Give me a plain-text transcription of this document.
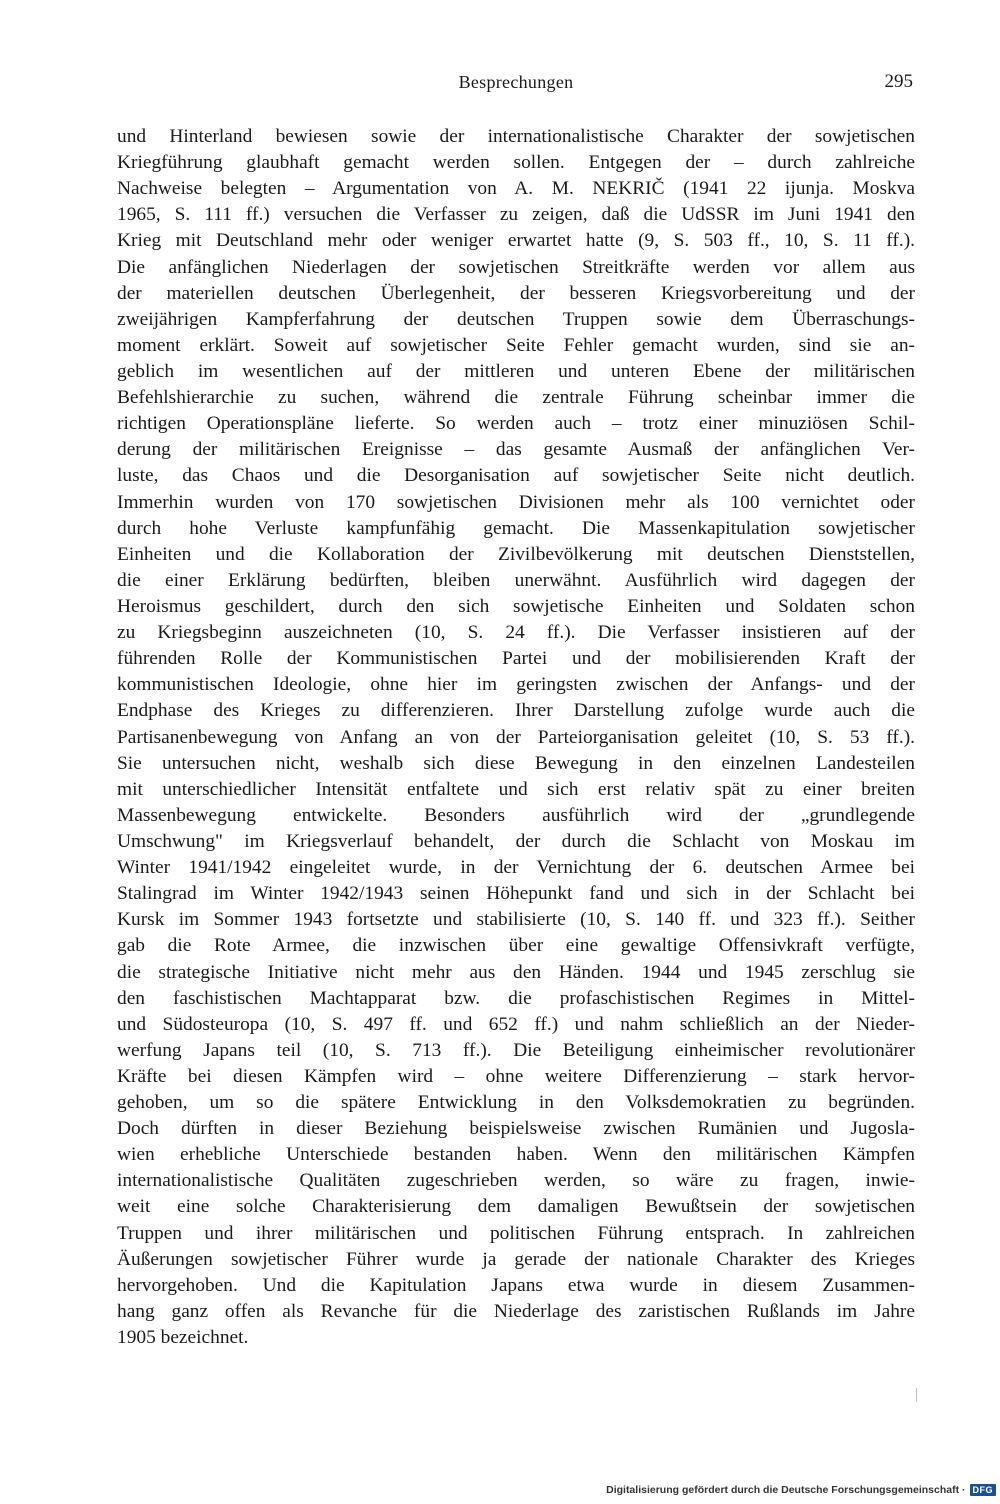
Besprechungen	295
und Hinterland bewiesen sowie der internationalistische Charakter der sowjetischen
Kriegführung glaubhaft gemacht werden sollen. Entgegen der – durch zahlreiche
Nachweise belegten – Argumentation von A. M. NEKRIČ (1941 22 ijunja. Moskva
1965, S. 111 ff.) versuchen die Verfasser zu zeigen, daß die UdSSR im Juni 1941 den
Krieg mit Deutschland mehr oder weniger erwartet hatte (9, S. 503 ff., 10, S. 11 ff.).
Die anfänglichen Niederlagen der sowjetischen Streitkräfte werden vor allem aus
der materiellen deutschen Überlegenheit, der besseren Kriegsvorbereitung und der
zweijährigen Kampferfahrung der deutschen Truppen sowie dem Überraschungs-
moment erklärt. Soweit auf sowjetischer Seite Fehler gemacht wurden, sind sie an-
geblich im wesentlichen auf der mittleren und unteren Ebene der militärischen
Befehlshierarchie zu suchen, während die zentrale Führung scheinbar immer die
richtigen Operationspläne lieferte. So werden auch – trotz einer minuziösen Schil-
derung der militärischen Ereignisse – das gesamte Ausmaß der anfänglichen Ver-
luste, das Chaos und die Desorganisation auf sowjetischer Seite nicht deutlich.
Immerhin wurden von 170 sowjetischen Divisionen mehr als 100 vernichtet oder
durch hohe Verluste kampfunfähig gemacht. Die Massenkapitulation sowjetischer
Einheiten und die Kollaboration der Zivilbevölkerung mit deutschen Dienststellen,
die einer Erklärung bedürften, bleiben unerwähnt. Ausführlich wird dagegen der
Heroismus geschildert, durch den sich sowjetische Einheiten und Soldaten schon
zu Kriegsbeginn auszeichneten (10, S. 24 ff.). Die Verfasser insistieren auf der
führenden Rolle der Kommunistischen Partei und der mobilisierenden Kraft der
kommunistischen Ideologie, ohne hier im geringsten zwischen der Anfangs- und der
Endphase des Krieges zu differenzieren. Ihrer Darstellung zufolge wurde auch die
Partisanenbewegung von Anfang an von der Parteiorganisation geleitet (10, S. 53 ff.).
Sie untersuchen nicht, weshalb sich diese Bewegung in den einzelnen Landesteilen
mit unterschiedlicher Intensität entfaltete und sich erst relativ spät zu einer breiten
Massenbewegung entwickelte. Besonders ausführlich wird der „grundlegende
Umschwung" im Kriegsverlauf behandelt, der durch die Schlacht von Moskau im
Winter 1941/1942 eingeleitet wurde, in der Vernichtung der 6. deutschen Armee bei
Stalingrad im Winter 1942/1943 seinen Höhepunkt fand und sich in der Schlacht bei
Kursk im Sommer 1943 fortsetzte und stabilisierte (10, S. 140 ff. und 323 ff.). Seither
gab die Rote Armee, die inzwischen über eine gewaltige Offensivkraft verfügte,
die strategische Initiative nicht mehr aus den Händen. 1944 und 1945 zerschlug sie
den faschistischen Machtapparat bzw. die profaschistischen Regimes in Mittel-
und Südosteuropa (10, S. 497 ff. und 652 ff.) und nahm schließlich an der Nieder-
werfung Japans teil (10, S. 713 ff.). Die Beteiligung einheimischer revolutionärer
Kräfte bei diesen Kämpfen wird – ohne weitere Differenzierung – stark hervor-
gehoben, um so die spätere Entwicklung in den Volksdemokratien zu begründen.
Doch dürften in dieser Beziehung beispielsweise zwischen Rumänien und Jugosla-
wien erhebliche Unterschiede bestanden haben. Wenn den militärischen Kämpfen
internationalistische Qualitäten zugeschrieben werden, so wäre zu fragen, inwie-
weit eine solche Charakterisierung dem damaligen Bewußtsein der sowjetischen
Truppen und ihrer militärischen und politischen Führung entsprach. In zahlreichen
Äußerungen sowjetischer Führer wurde ja gerade der nationale Charakter des Krieges
hervorgehoben. Und die Kapitulation Japans etwa wurde in diesem Zusammen-
hang ganz offen als Revanche für die Niederlage des zaristischen Rußlands im Jahre
1905 bezeichnet.
Digitalisierung gefördert durch die Deutsche Forschungsgemeinschaft · DFG
